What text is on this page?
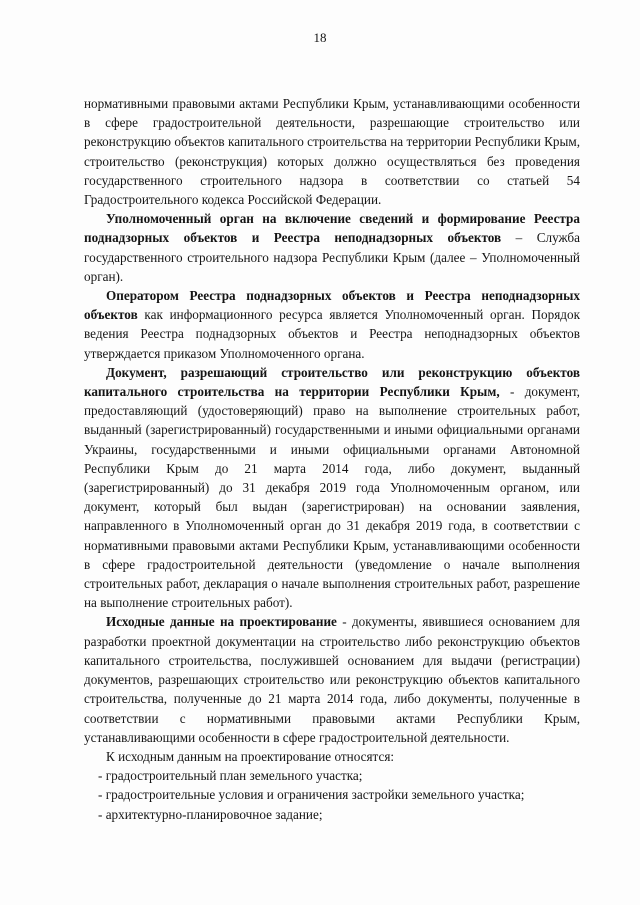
18

нормативными правовыми актами Республики Крым, устанавливающими особенности в сфере градостроительной деятельности, разрешающие строительство или реконструкцию объектов капитального строительства на территории Республики Крым, строительство (реконструкция) которых должно осуществляться без проведения государственного строительного надзора в соответствии со статьей 54 Градостроительного кодекса Российской Федерации.

Уполномоченный орган на включение сведений и формирование Реестра поднадзорных объектов и Реестра неподнадзорных объектов – Служба государственного строительного надзора Республики Крым (далее – Уполномоченный орган).

Оператором Реестра поднадзорных объектов и Реестра неподнадзорных объектов как информационного ресурса является Уполномоченный орган. Порядок ведения Реестра поднадзорных объектов и Реестра неподнадзорных объектов утверждается приказом Уполномоченного органа.

Документ, разрешающий строительство или реконструкцию объектов капитального строительства на территории Республики Крым, - документ, предоставляющий (удостоверяющий) право на выполнение строительных работ, выданный (зарегистрированный) государственными и иными официальными органами Украины, государственными и иными официальными органами Автономной Республики Крым до 21 марта 2014 года, либо документ, выданный (зарегистрированный) до 31 декабря 2019 года Уполномоченным органом, или документ, который был выдан (зарегистрирован) на основании заявления, направленного в Уполномоченный орган до 31 декабря 2019 года, в соответствии с нормативными правовыми актами Республики Крым, устанавливающими особенности в сфере градостроительной деятельности (уведомление о начале выполнения строительных работ, декларация о начале выполнения строительных работ, разрешение на выполнение строительных работ).

Исходные данные на проектирование - документы, явившиеся основанием для разработки проектной документации на строительство либо реконструкцию объектов капитального строительства, послужившей основанием для выдачи (регистрации) документов, разрешающих строительство или реконструкцию объектов капитального строительства, полученные до 21 марта 2014 года, либо документы, полученные в соответствии с нормативными правовыми актами Республики Крым, устанавливающими особенности в сфере градостроительной деятельности.

К исходным данным на проектирование относятся:

- градостроительный план земельного участка;

- градостроительные условия и ограничения застройки земельного участка;

- архитектурно-планировочное задание;
